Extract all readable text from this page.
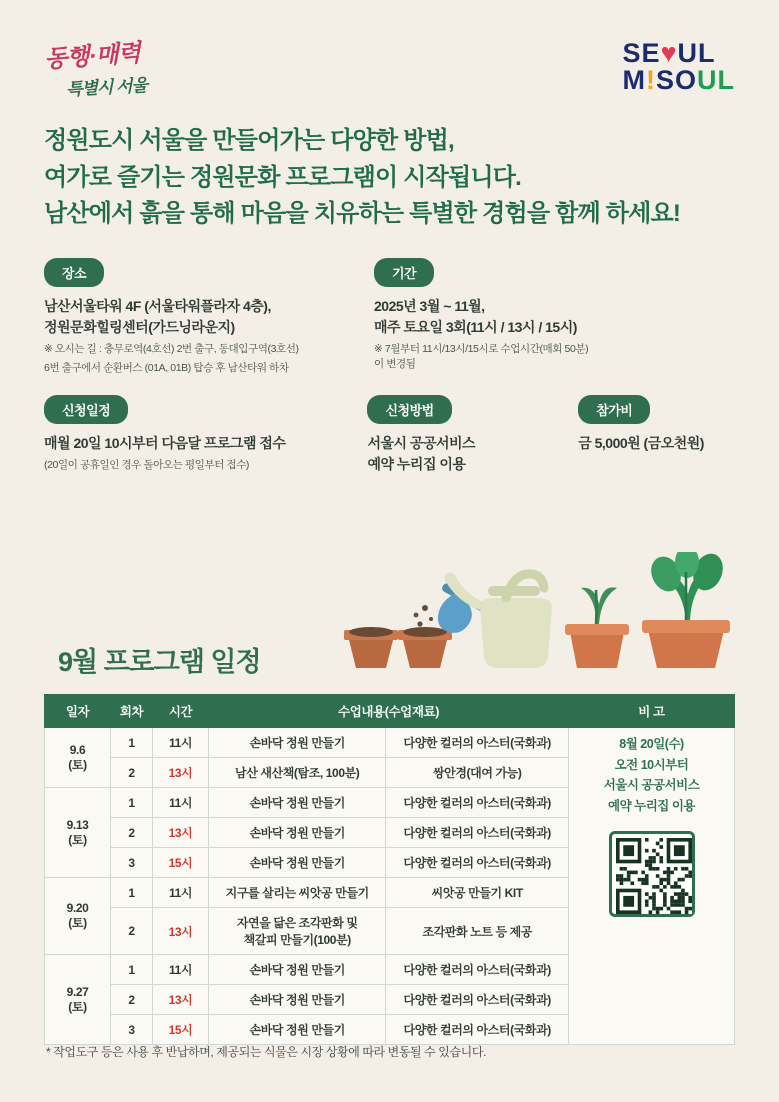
동행·매력
특별시 서울
SE♥UL
M!SOUL

정원도시 서울을 만들어가는 다양한 방법,

여가로 즐기는 정원문화 프로그램이 시작됩니다.

남산에서 흙을 통해 마음을 치유하는 특별한 경험을 함께 하세요!

장소
남산서울타워 4F (서울타워플라자 4층),
정원문화힐링센터(가드닝라운지)
※ 오시는 길 : 충무로역(4호선) 2번 출구, 동대입구역(3호선)
6번 출구에서 순환버스 (01A, 01B) 탑승 후 남산타워 하차
기간
2025년 3월 ~ 11월,
매주 토요일 3회(11시 / 13시 / 15시)
※ 7월부터 11시/13시/15시로 수업시간(매회 50분)이 변경됨
신청일정
매월 20일 10시부터 다음달 프로그램 접수
(20일이 공휴일인 경우 돌아오는 평일부터 접수)
신청방법
서울시 공공서비스
예약 누리집 이용
참가비
금 5,000원 (금오천원)
9월 프로그램 일정
일자	회차	시간	수업내용(수업재료)		비 고
9.6
(토)	1	11시	손바닥 정원 만들기	다양한 컬러의 아스터(국화과)	8월 20일(수)
오전 10시부터
서울시 공공서비스
예약 누리집 이용

	2	13시	남산 새산책(탐조, 100분)	쌍안경(대여 가능)	
9.13
(토)	1	11시	손바닥 정원 만들기	다양한 컬러의 아스터(국화과)	
	2	13시	손바닥 정원 만들기	다양한 컬러의 아스터(국화과)	
	3	15시	손바닥 정원 만들기	다양한 컬러의 아스터(국화과)	
9.20
(토)	1	11시	지구를 살리는 씨앗공 만들기	씨앗공 만들기 KIT	
	2	13시	자연을 닮은 조각판화 및
책갈피 만들기(100분)	조각판화 노트 등 제공	
9.27
(토)	1	11시	손바닥 정원 만들기	다양한 컬러의 아스터(국화과)	
	2	13시	손바닥 정원 만들기	다양한 컬러의 아스터(국화과)	
	3	15시	손바닥 정원 만들기	다양한 컬러의 아스터(국화과)	
* 작업도구 등은 사용 후 반납하며, 제공되는 식물은 시장 상황에 따라 변동될 수 있습니다.
